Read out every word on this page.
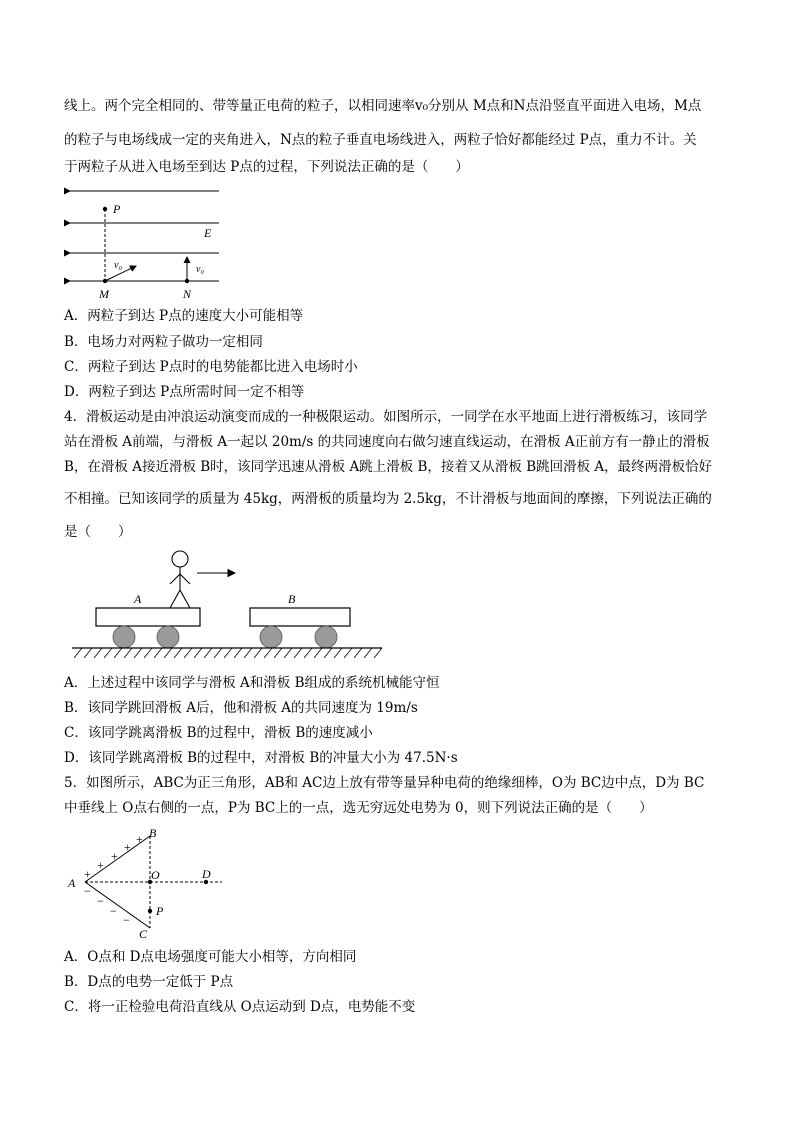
线上。两个完全相同的、带等量正电荷的粒子，以相同速率v₀分别从 M点和N点沿竖直平面进入电场，M点
的粒子与电场线成一定的夹角进入，N点的粒子垂直电场线进入，两粒子恰好都能经过 P点，重力不计。关
于两粒子从进入电场至到达 P点的过程，下列说法正确的是（　　）
P
E
v₀	v₀
M	N
A．两粒子到达 P点的速度大小可能相等
B．电场力对两粒子做功一定相同
C．两粒子到达 P点时的电势能都比进入电场时小
D．两粒子到达 P点所需时间一定不相等
4．滑板运动是由冲浪运动演变而成的一种极限运动。如图所示，一同学在水平地面上进行滑板练习，该同学
站在滑板 A前端，与滑板 A一起以 20m/s 的共同速度向右做匀速直线运动，在滑板 A正前方有一静止的滑板
B，在滑板 A接近滑板 B时，该同学迅速从滑板 A跳上滑板 B，接着又从滑板 B跳回滑板 A，最终两滑板恰好
不相撞。已知该同学的质量为 45kg，两滑板的质量均为 2.5kg，不计滑板与地面间的摩擦，下列说法正确的
是（　　）
A	B
A．上述过程中该同学与滑板 A和滑板 B组成的系统机械能守恒
B．该同学跳回滑板 A后，他和滑板 A的共同速度为 19m/s
C．该同学跳离滑板 B的过程中，滑板 B的速度减小
D．该同学跳离滑板 B的过程中，对滑板 B的冲量大小为 47.5N·s
5．如图所示，ABC为正三角形，AB和 AC边上放有带等量异种电荷的绝缘细棒，O为 BC边中点，D为 BC
中垂线上 O点右侧的一点，P为 BC上的一点，选无穷远处电势为 0，则下列说法正确的是（　　）
+
+
+
+
+
−
−
−
−
A
B
C
O	D
P
A．O点和 D点电场强度可能大小相等，方向相同
B．D点的电势一定低于 P点
C．将一正检验电荷沿直线从 O点运动到 D点，电势能不变
